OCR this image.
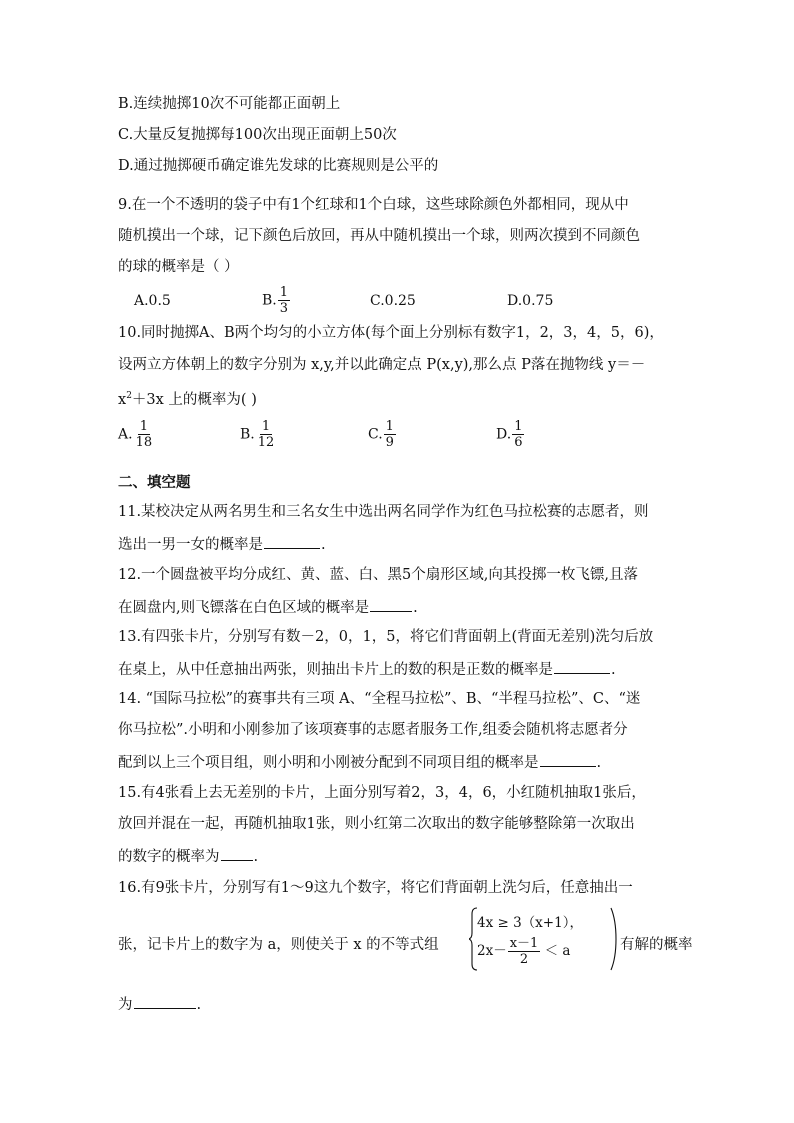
B.连续抛掷10次不可能都正面朝上
C.大量反复抛掷每100次出现正面朝上50次
D.通过抛掷硬币确定谁先发球的比赛规则是公平的
9.在一个不透明的袋子中有1个红球和1个白球，这些球除颜色外都相同，现从中
随机摸出一个球，记下颜色后放回，再从中随机摸出一个球，则两次摸到不同颜色
的球的概率是（ ）
A.0.5	B. $\frac{1}{3}$	C.0.25	D.0.75
10.同时抛掷A、B两个均匀的小立方体(每个面上分别标有数字1，2，3，4，5，6)，
设两立方体朝上的数字分别为 x,y,并以此确定点 P(x,y),那么点 P落在抛物线 y＝－
$x^2+3x$ 上的概率为( )
A. $\frac{1}{18}$	B. $\frac{1}{12}$	C. $\frac{1}{9}$	D. $\frac{1}{6}$
二、填空题
11.某校决定从两名男生和三名女生中选出两名同学作为红色马拉松赛的志愿者，则
选出一男一女的概率是	.
12.一个圆盘被平均分成红、黄、蓝、白、黑5个扇形区域,向其投掷一枚飞镖,且落
在圆盘内,则飞镖落在白色区域的概率是	.
13.有四张卡片，分别写有数－2，0，1，5，将它们背面朝上(背面无差别)洗匀后放
在桌上，从中任意抽出两张，则抽出卡片上的数的积是正数的概率是	.
14. “国际马拉松”的赛事共有三项 A、“全程马拉松”、B、“半程马拉松”、C、“迷
你马拉松”.小明和小刚参加了该项赛事的志愿者服务工作,组委会随机将志愿者分
配到以上三个项目组，则小明和小刚被分配到不同项目组的概率是	.
15.有4张看上去无差别的卡片，上面分别写着2，3，4，6，小红随机抽取1张后，
放回并混在一起，再随机抽取1张，则小红第二次取出的数字能够整除第一次取出
的数字的概率为 .
16.有9张卡片，分别写有1～9这九个数字，将它们背面朝上洗匀后，任意抽出一
张，记卡片上的数字为 a，则使关于 x 的不等式组
4x ≥ 3（x+1），
$2x- \frac{x-1}{2} < a$	有解的概率
为	.
